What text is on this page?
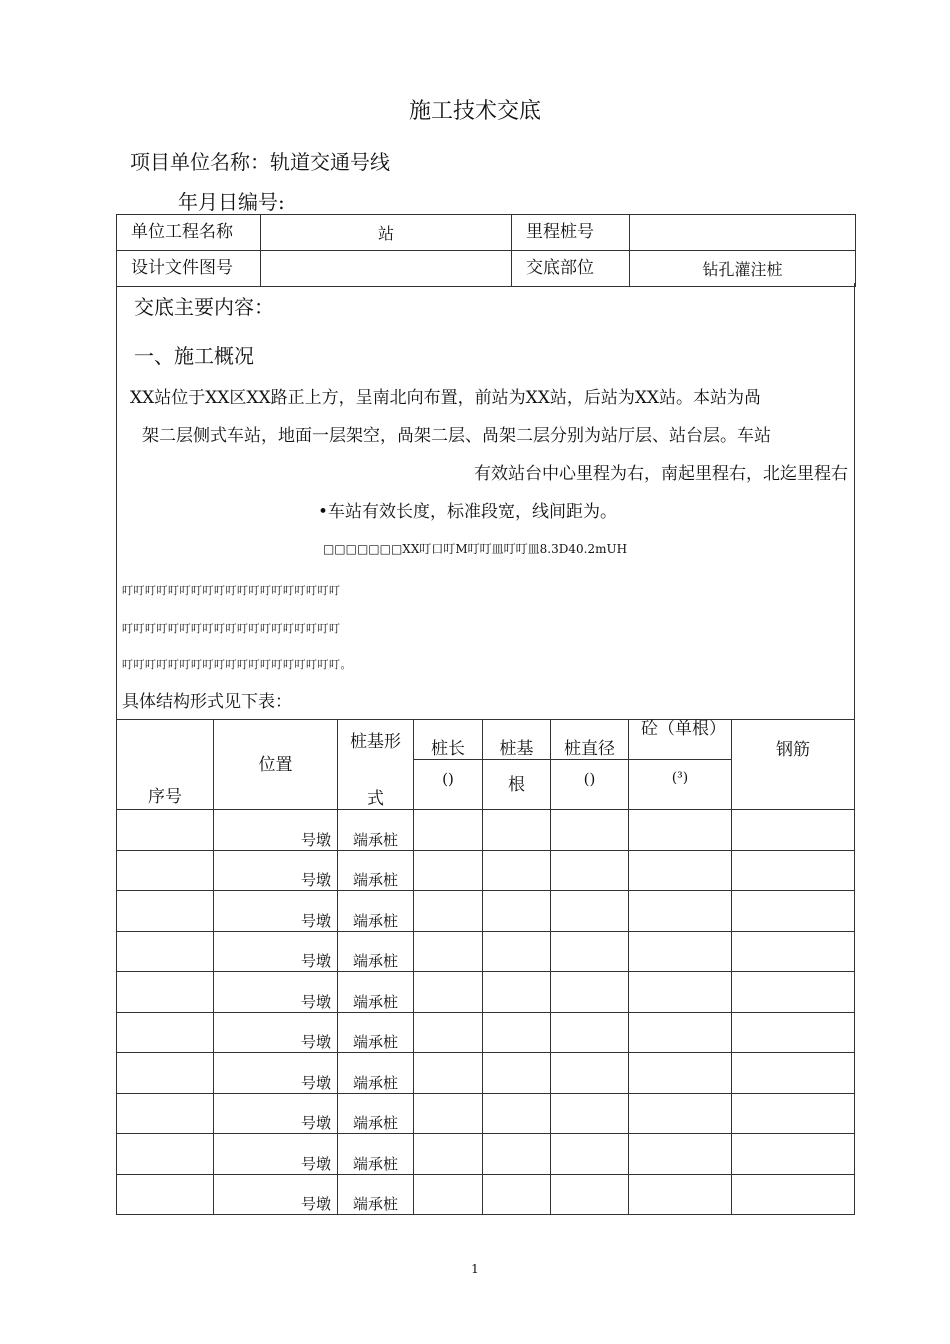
施工技术交底
项目单位名称：轨道交通号线
年月日编号:
单位工程名称	站	里程桩号	
设计文件图号		交底部位	钻孔灌注桩
交底主要内容：
一、施工概况
XX站位于XX区XX路正上方，呈南北向布置，前站为XX站，后站为XX站。本站为咼
架二层侧式车站，地面一层架空，咼架二层、咼架二层分别为站厅层、站台层。车站
有效站台中心里程为右，南起里程右，北迄里程右
•车站有效长度，标准段宽，线间距为。
□□□□□□□XX叮口叮M叮叮皿叮叮皿8.3D40.2mUH
叮叮叮叮叮叮叮叮叮叮叮叮叮叮叮叮叮叮叮
叮叮叮叮叮叮叮叮叮叮叮叮叮叮叮叮叮叮叮
叮叮叮叮叮叮叮叮叮叮叮叮叮叮叮叮叮叮叮。
具体结构形式见下表：
序号	位置	桩基形	桩长	桩基	桩直径	砼（单根）	钢筋
		式	()	根	()	(³)	
	号墩	端承桩					
	号墩	端承桩					
	号墩	端承桩					
	号墩	端承桩					
	号墩	端承桩					
	号墩	端承桩					
	号墩	端承桩					
	号墩	端承桩					
	号墩	端承桩					
	号墩	端承桩					
1
